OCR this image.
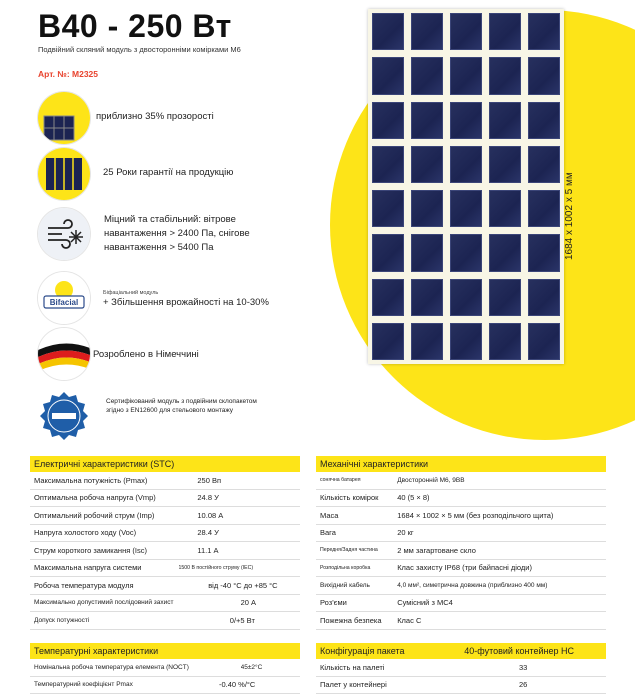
B40 - 250 Вт
Подвійний скляний модуль з двосторонніми комірками M6
Арт. №: M2325
1684 x 1002 x 5 мм
приблизно 35% прозорості
25 Роки гарантії на продукцію
Міцний та стабільний: вітрове навантаження > 2400 Па, снігове навантаження > 5400 Па
Bifacial
Біфаціальний модуль
+ Збільшення врожайності на 10-30%
Розроблено в Німеччині
Сертифікований модуль з подвійним склопакетом згідно з EN12600 для стельового монтажу
Електричні характеристики (STC)
Максимальна потужність (Pmax)	250 Вп
Оптимальна робоча напруга (Vmp)	24.8 У
Оптимальний робочий струм (Imp)	10.08 А
Напруга холостого ходу (Voc)	28.4 У
Струм короткого замикання (Isc)	11.1 А
Максимальна напруга системи	1500 В постійного струму (IEC)
Робоча температура модуля	від -40 °C до +85 °C
Максимально допустимий послідовний захист	20 А
Допуск потужності	0/+5 Вт
Механічні характеристики
сонячна батарея	Двосторонній M6, 9BB
Кількість комірок	40 (5 × 8)
Маса	1684 × 1002 × 5 мм (без розподільчого щита)
Вага	20 кг
Передня/Задня частина	2 мм загартоване скло
Розподільна коробка	Клас захисту IP68 (три байпасні діоди)
Вихідний кабель	4,0 мм², симетрична довжина (приблизно 400 мм)
Роз'єми	Сумісний з MC4
Пожежна безпека	Клас С
Температурні характеристики
Номінальна робоча температура елемента (NOCT)	45±2°C
Температурний коефіцієнт Pmax	-0.40 %/°C
Конфігурація пакета	40-футовий контейнер HC
Кількість на палеті	33
Палет у контейнері	26
